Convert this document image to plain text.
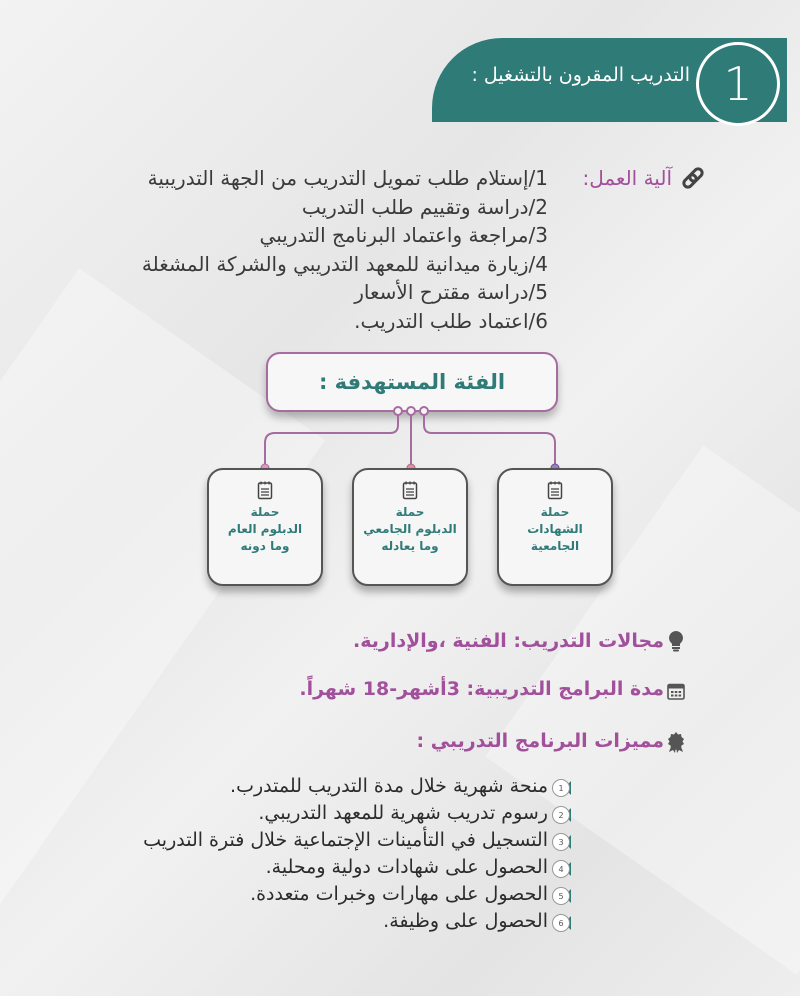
1
التدريب المقرون بالتشغيل :
آلية العمل:
1/إستلام طلب تمويل التدريب من الجهة التدريبية
2/دراسة وتقييم طلب التدريب
3/مراجعة واعتماد البرنامج التدريبي
4/زيارة ميدانية للمعهد التدريبي والشركة المشغلة
5/دراسة مقترح الأسعار
6/اعتماد طلب التدريب.
الفئة المستهدفة :
حملة
الشهادات
الجامعية
حملة
الدبلوم الجامعي
وما يعادله
حملة
الدبلوم العام
وما دونه
مجالات التدريب: الفنية ،والإدارية.
مدة البرامج التدريبية: 3أشهر-18 شهراً.
مميزات البرنامج التدريبي :
منحة شهرية خلال مدة التدريب للمتدرب.
رسوم تدريب شهرية للمعهد التدريبي.
التسجيل في التأمينات الإجتماعية خلال فترة التدريب
الحصول على شهادات دولية ومحلية.
الحصول على مهارات وخبرات متعددة.
الحصول على وظيفة.
1
2
3
4
5
6
